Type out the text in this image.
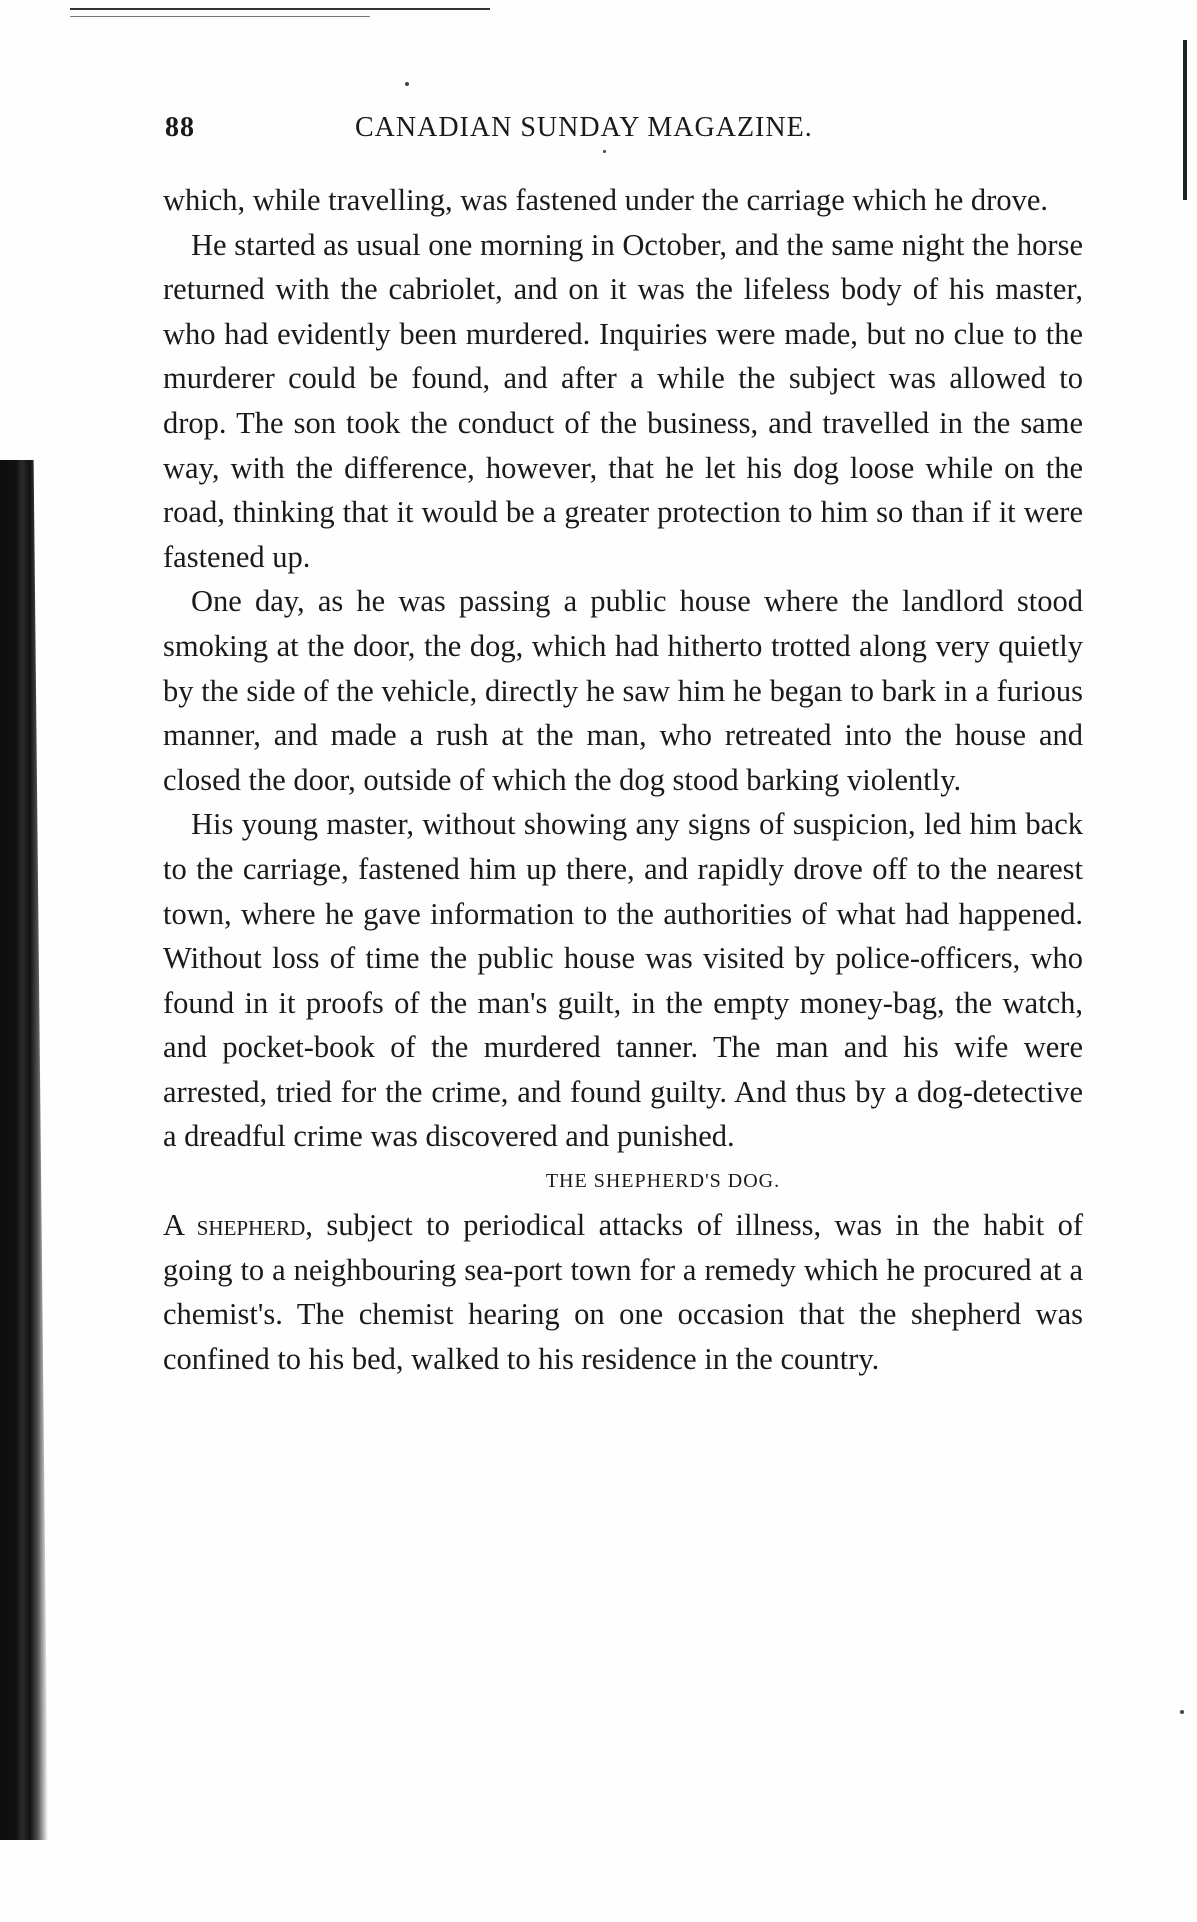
88	CANADIAN SUNDAY MAGAZINE.

which, while travelling, was fastened under the carriage which he drove.

He started as usual one morning in October, and the same night the horse returned with the cabriolet, and on it was the lifeless body of his master, who had evidently been murdered. Inquiries were made, but no clue to the murderer could be found, and after a while the subject was allowed to drop. The son took the conduct of the business, and travelled in the same way, with the difference, however, that he let his dog loose while on the road, thinking that it would be a greater protection to him so than if it were fastened up.

One day, as he was passing a public house where the landlord stood smoking at the door, the dog, which had hitherto trotted along very quietly by the side of the vehicle, directly he saw him he began to bark in a furious manner, and made a rush at the man, who retreated into the house and closed the door, outside of which the dog stood barking violently.

His young master, without showing any signs of suspicion, led him back to the carriage, fastened him up there, and rapidly drove off to the nearest town, where he gave information to the authorities of what had happened. Without loss of time the public house was visited by police-officers, who found in it proofs of the man's guilt, in the empty money-bag, the watch, and pocket-book of the murdered tanner. The man and his wife were arrested, tried for the crime, and found guilty. And thus by a dog-detective a dreadful crime was discovered and punished.

THE SHEPHERD'S DOG.

A shepherd, subject to periodical attacks of illness, was in the habit of going to a neighbouring sea-port town for a remedy which he procured at a chemist's. The chemist hearing on one occasion that the shepherd was confined to his bed, walked to his residence in the country.
